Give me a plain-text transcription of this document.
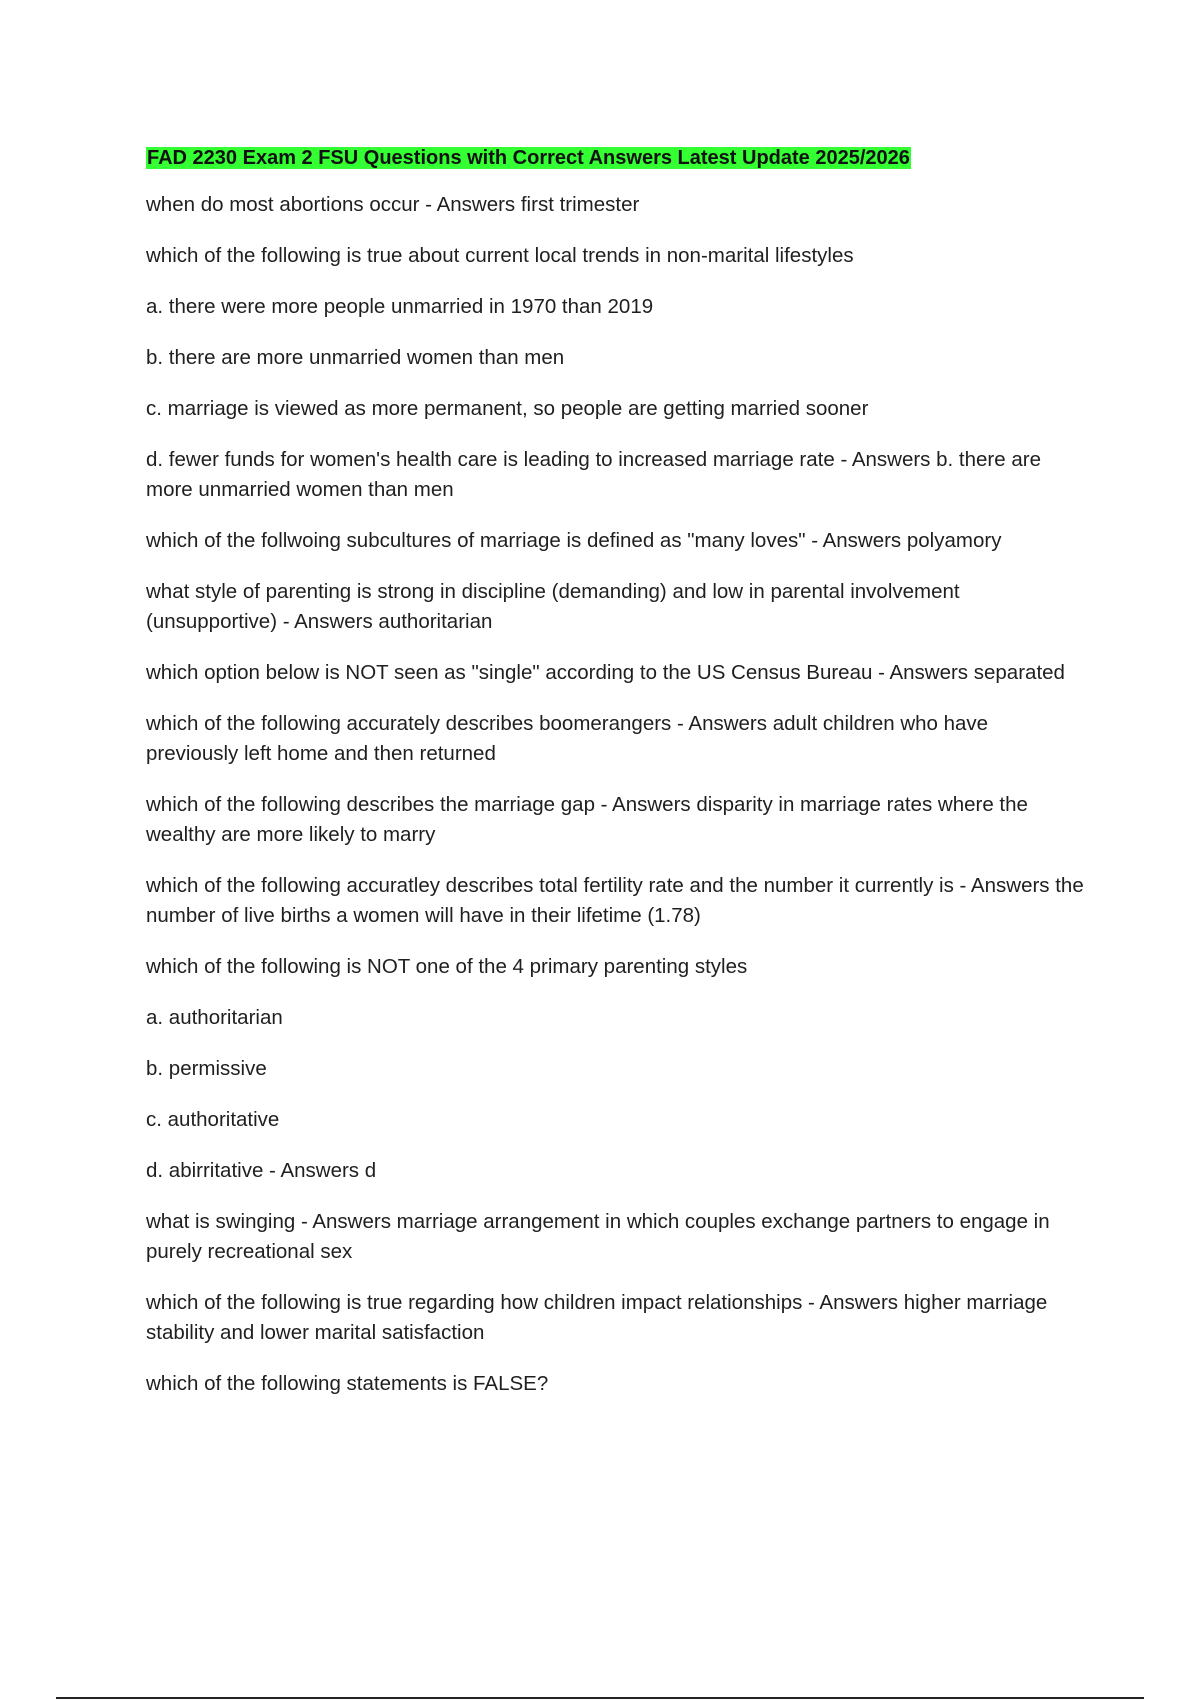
FAD 2230 Exam 2 FSU Questions with Correct Answers Latest Update 2025/2026

when do most abortions occur - Answers first trimester

which of the following is true about current local trends in non-marital lifestyles

a. there were more people unmarried in 1970 than 2019

b. there are more unmarried women than men

c. marriage is viewed as more permanent, so people are getting married sooner

d. fewer funds for women's health care is leading to increased marriage rate - Answers b. there are more unmarried women than men

which of the follwoing subcultures of marriage is defined as "many loves" - Answers polyamory

what style of parenting is strong in discipline (demanding) and low in parental involvement (unsupportive) - Answers authoritarian

which option below is NOT seen as "single" according to the US Census Bureau - Answers separated

which of the following accurately describes boomerangers - Answers adult children who have previously left home and then returned

which of the following describes the marriage gap - Answers disparity in marriage rates where the wealthy are more likely to marry

which of the following accuratley describes total fertility rate and the number it currently is - Answers the number of live births a women will have in their lifetime (1.78)

which of the following is NOT one of the 4 primary parenting styles

a. authoritarian

b. permissive

c. authoritative

d. abirritative - Answers d

what is swinging - Answers marriage arrangement in which couples exchange partners to engage in purely recreational sex

which of the following is true regarding how children impact relationships - Answers higher marriage stability and lower marital satisfaction

which of the following statements is FALSE?
